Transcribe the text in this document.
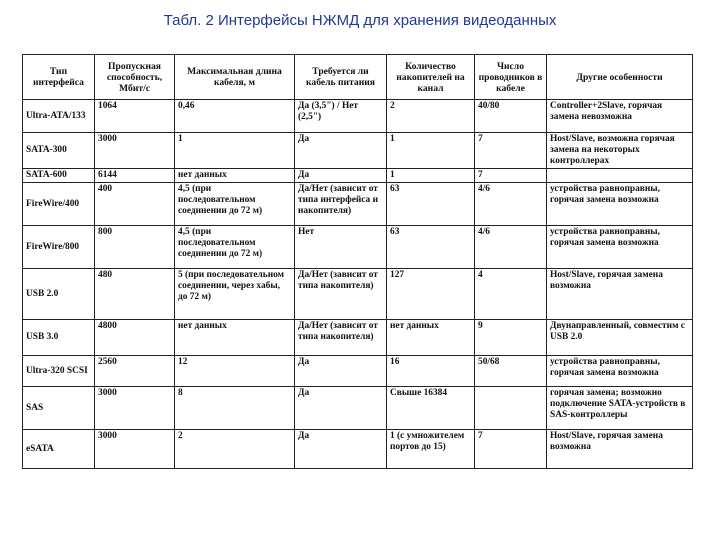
Табл. 2 Интерфейсы НЖМД для хранения видеоданных
Тип интерфейса	Пропускная способность, Мбит/с	Максимальная длина кабеля, м	Требуется ли кабель питания	Количество накопителей на канал	Число проводников в кабеле	Другие особенности
Ultra-ATA/133	1064	0,46	Да (3,5") / Нет (2,5")	2	40/80	Controller+2Slave, горячая замена невозможна
SATA-300	3000	1	Да	1	7	Host/Slave, возможна горячая замена на некоторых контроллерах
SATA-600	6144	нет данных	Да	1	7	
FireWire/400	400	4,5 (при последовательном соединении до 72 м)	Да/Нет (зависит от типа интерфейса и накопителя)	63	4/6	устройства равноправны, горячая замена возможна
FireWire/800	800	4,5 (при последовательном соединении до 72 м)	Нет	63	4/6	устройства равноправны, горячая замена возможна
USB 2.0	480	5 (при последовательном соединении, через хабы, до 72 м)	Да/Нет (зависит от типа накопителя)	127	4	Host/Slave, горячая замена возможна
USB 3.0	4800	нет данных	Да/Нет (зависит от типа накопителя)	нет данных	9	Двунаправленный, совместим с USB 2.0
Ultra-320 SCSI	2560	12	Да	16	50/68	устройства равноправны, горячая замена возможна
SAS	3000	8	Да	Свыше 16384		горячая замена; возможно подключение SATA-устройств в SAS-контроллеры
eSATA	3000	2	Да	1 (с умножителем портов до 15)	7	Host/Slave, горячая замена возможна
